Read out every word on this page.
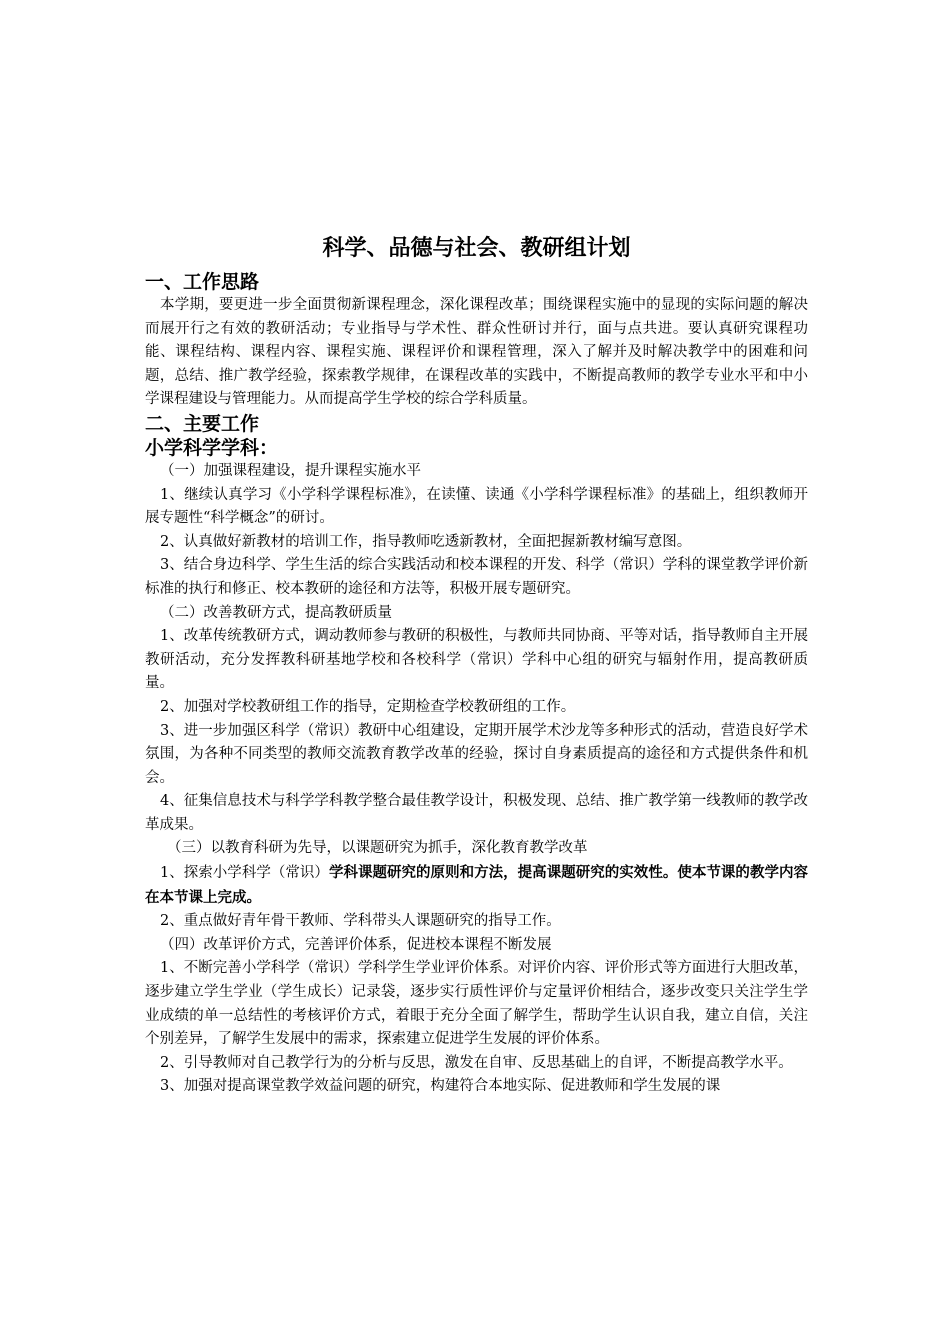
科学、品德与社会、教研组计划
一、工作思路

本学期，要更进一步全面贯彻新课程理念，深化课程改革；围绕课程实施中的显现的实际问题的解决而展开行之有效的教研活动；专业指导与学术性、群众性研讨并行，面与点共进。要认真研究课程功能、课程结构、课程内容、课程实施、课程评价和课程管理，深入了解并及时解决教学中的困难和问题，总结、推广教学经验，探索教学规律，在课程改革的实践中，不断提高教师的教学专业水平和中小学课程建设与管理能力。从而提高学生学校的综合学科质量。

二、主要工作
小学科学学科：

（一）加强课程建设，提升课程实施水平

1、继续认真学习《小学科学课程标准》，在读懂、读通《小学科学课程标准》的基础上，组织教师开展专题性“科学概念”的研讨。

2、认真做好新教材的培训工作，指导教师吃透新教材，全面把握新教材编写意图。

3、结合身边科学、学生生活的综合实践活动和校本课程的开发、科学（常识）学科的课堂教学评价新标准的执行和修正、校本教研的途径和方法等，积极开展专题研究。

（二）改善教研方式，提高教研质量

1、改革传统教研方式，调动教师参与教研的积极性，与教师共同协商、平等对话，指导教师自主开展教研活动，充分发挥教科研基地学校和各校科学（常识）学科中心组的研究与辐射作用，提高教研质量。

2、加强对学校教研组工作的指导，定期检查学校教研组的工作。

3、进一步加强区科学（常识）教研中心组建设，定期开展学术沙龙等多种形式的活动，营造良好学术氛围，为各种不同类型的教师交流教育教学改革的经验，探讨自身素质提高的途径和方式提供条件和机会。

4、征集信息技术与科学学科教学整合最佳教学设计，积极发现、总结、推广教学第一线教师的教学改革成果。

（三）以教育科研为先导，以课题研究为抓手，深化教育教学改革

1、探索小学科学（常识）学科课题研究的原则和方法，提高课题研究的实效性。使本节课的教学内容在本节课上完成。

2、重点做好青年骨干教师、学科带头人课题研究的指导工作。

（四）改革评价方式，完善评价体系，促进校本课程不断发展

1、不断完善小学科学（常识）学科学生学业评价体系。对评价内容、评价形式等方面进行大胆改革，逐步建立学生学业（学生成长）记录袋，逐步实行质性评价与定量评价相结合，逐步改变只关注学生学业成绩的单一总结性的考核评价方式，着眼于充分全面了解学生，帮助学生认识自我，建立自信，关注个别差异，了解学生发展中的需求，探索建立促进学生发展的评价体系。

2、引导教师对自己教学行为的分析与反思，激发在自审、反思基础上的自评，不断提高教学水平。

3、加强对提高课堂教学效益问题的研究，构建符合本地实际、促进教师和学生发展的课
